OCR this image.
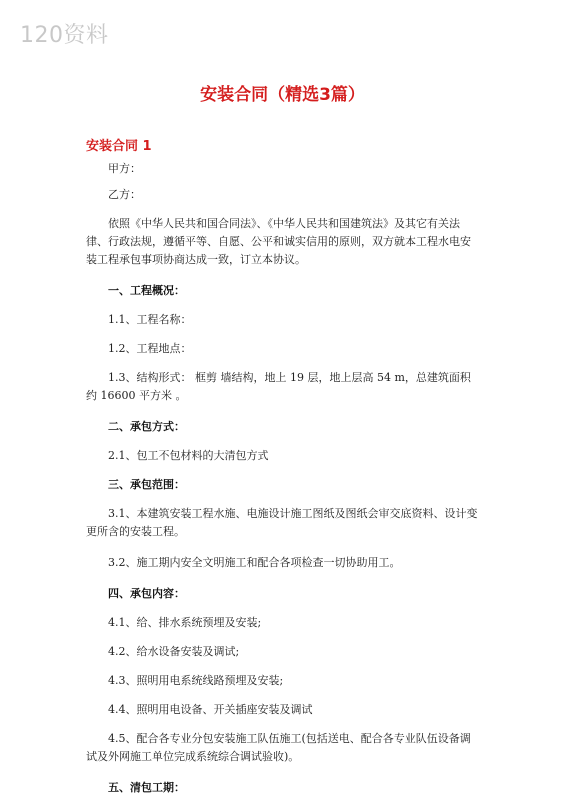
120资料
安装合同（精选3篇）
安装合同 1
甲方：
乙方：
依照《中华人民共和国合同法》、《中华人民共和国建筑法》及其它有关法律、行政法规，遵循平等、自愿、公平和诚实信用的原则，双方就本工程水电安装工程承包事项协商达成一致，订立本协议。
一、工程概况：
1.1、工程名称：
1.2、工程地点：
1.3、结构形式： 框剪 墙结构，地上 19 层，地上层高 54 m，总建筑面积约 16600 平方米 。
二、承包方式：
2.1、包工不包材料的大清包方式
三、承包范围：
3.1、本建筑安装工程水施、电施设计施工图纸及图纸会审交底资料、设计变更所含的安装工程。
3.2、施工期内安全文明施工和配合各项检查一切协助用工。
四、承包内容：
4.1、给、排水系统预埋及安装;
4.2、给水设备安装及调试;
4.3、照明用电系统线路预埋及安装;
4.4、照明用电设备、开关插座安装及调试
4.5、配合各专业分包安装施工队伍施工(包括送电、配合各专业队伍设备调试及外网施工单位完成系统综合调试验收)。
五、清包工期：
